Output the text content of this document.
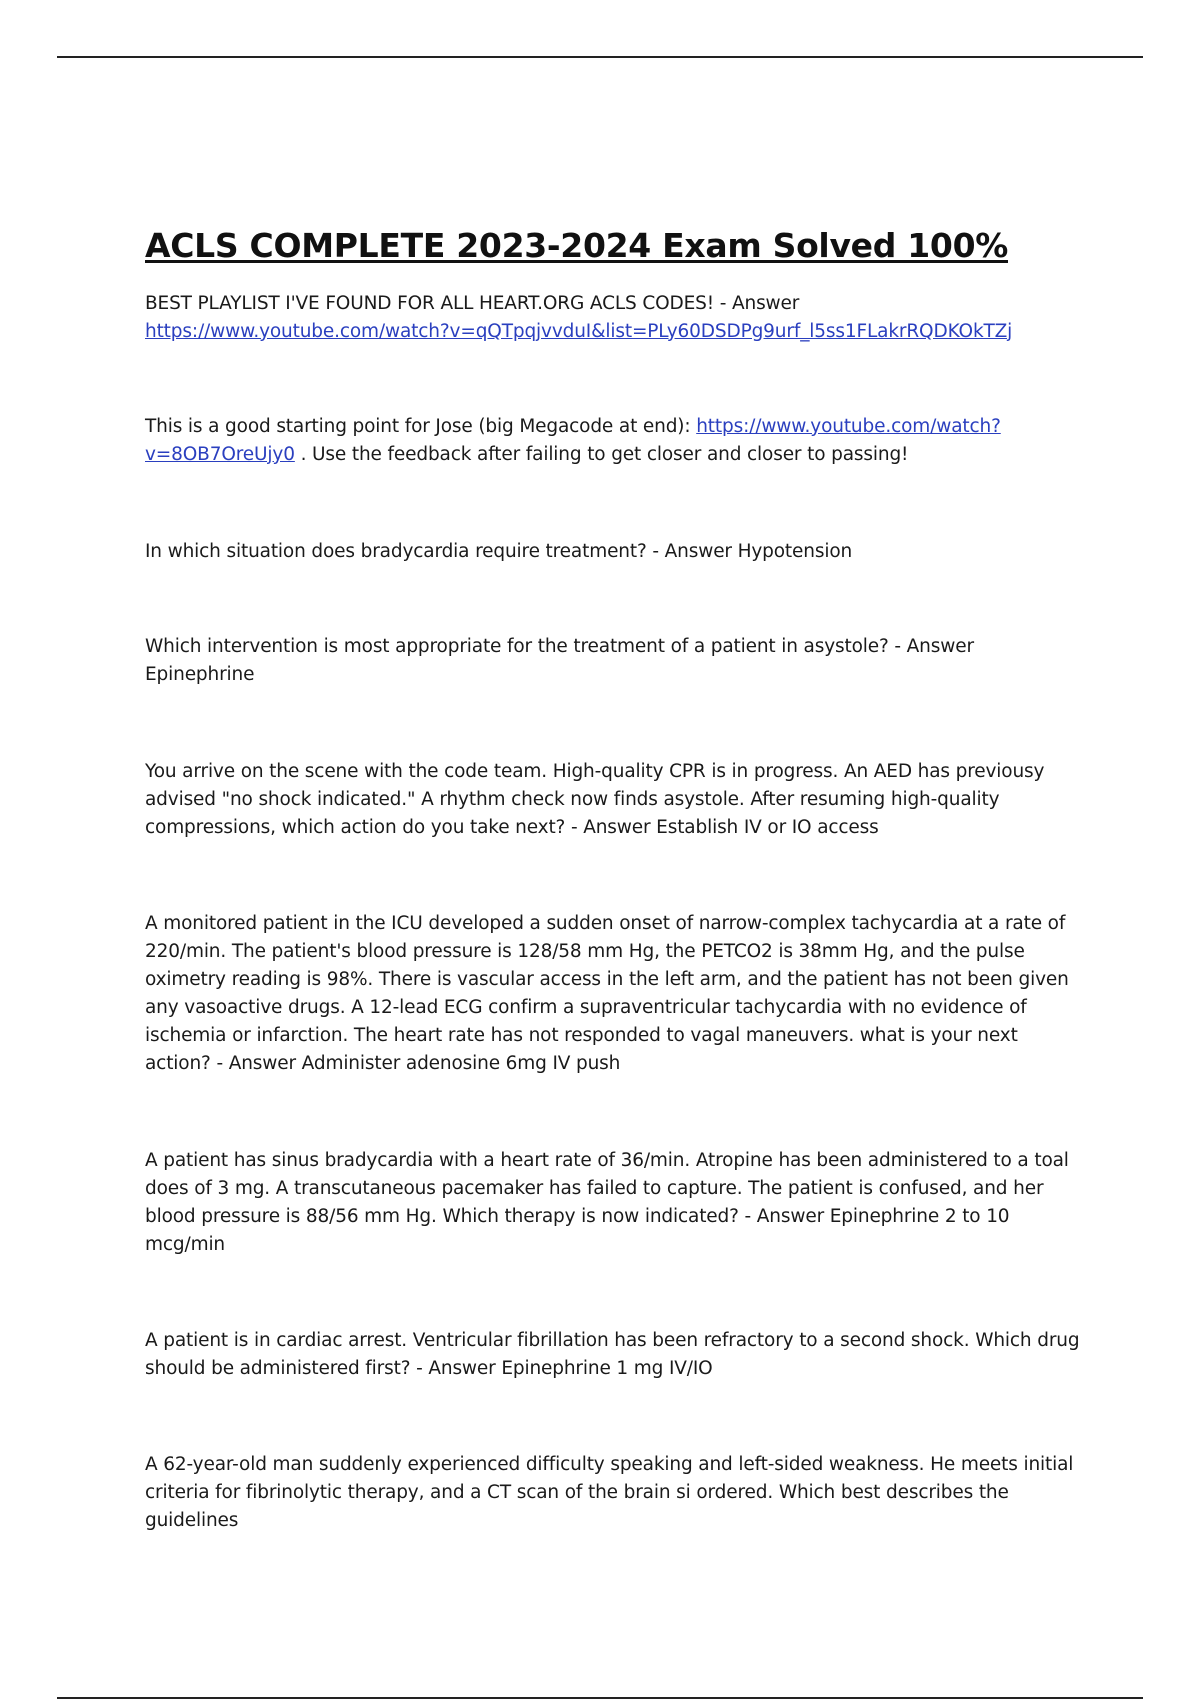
ACLS COMPLETE 2023-2024 Exam Solved 100%

BEST PLAYLIST I'VE FOUND FOR ALL HEART.ORG ACLS CODES! - Answer
https://www.youtube.com/watch?v=qQTpqjvvduI&list=PLy60DSDPg9urf_l5ss1FLakrRQDKOkTZj

This is a good starting point for Jose (big Megacode at end): https://www.youtube.com/watch?
v=8OB7OreUjy0 . Use the feedback after failing to get closer and closer to passing!

In which situation does bradycardia require treatment? - Answer Hypotension

Which intervention is most appropriate for the treatment of a patient in asystole? - Answer Epinephrine

You arrive on the scene with the code team. High-quality CPR is in progress. An AED has previousy advised "no shock indicated." A rhythm check now finds asystole. After resuming high-quality compressions, which action do you take next? - Answer Establish IV or IO access

A monitored patient in the ICU developed a sudden onset of narrow-complex tachycardia at a rate of 220/min. The patient's blood pressure is 128/58 mm Hg, the PETCO2 is 38mm Hg, and the pulse oximetry reading is 98%. There is vascular access in the left arm, and the patient has not been given any vasoactive drugs. A 12-lead ECG confirm a supraventricular tachycardia with no evidence of ischemia or infarction. The heart rate has not responded to vagal maneuvers. what is your next action? - Answer Administer adenosine 6mg IV push

A patient has sinus bradycardia with a heart rate of 36/min. Atropine has been administered to a toal does of 3 mg. A transcutaneous pacemaker has failed to capture. The patient is confused, and her blood pressure is 88/56 mm Hg. Which therapy is now indicated? - Answer Epinephrine 2 to 10 mcg/min

A patient is in cardiac arrest. Ventricular fibrillation has been refractory to a second shock. Which drug should be administered first? - Answer Epinephrine 1 mg IV/IO

A 62-year-old man suddenly experienced difficulty speaking and left-sided weakness. He meets initial criteria for fibrinolytic therapy, and a CT scan of the brain si ordered. Which best describes the guidelines
